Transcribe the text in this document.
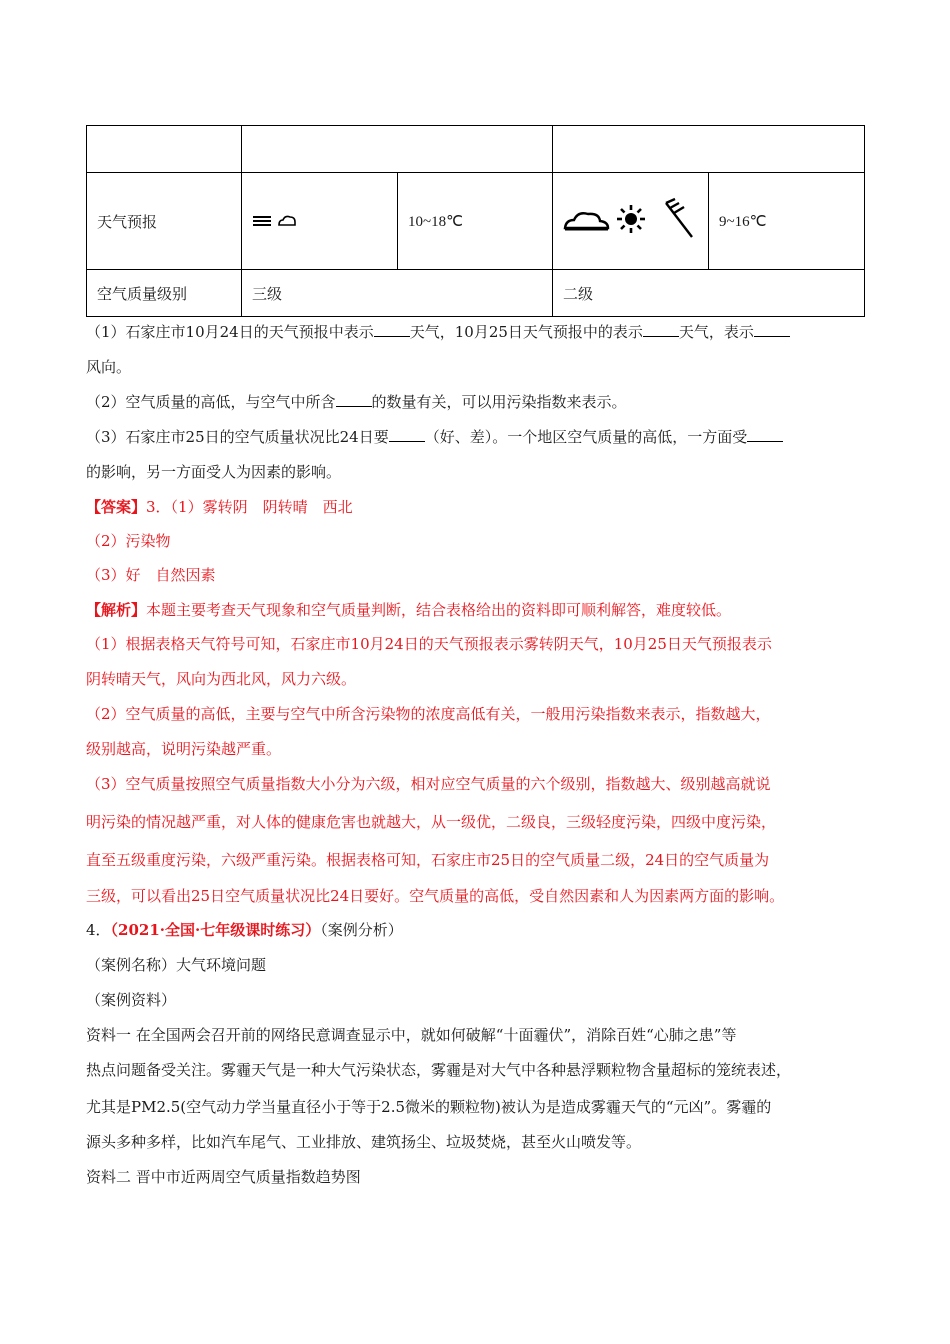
天气预报		10~18℃		9~16℃
空气质量级别	三级		二级	
（1）石家庄市10月24日的天气预报中表示 天气，10月25日天气预报中的表示 天气，表示
风向。
（2）空气质量的高低，与空气中所含 的数量有关，可以用污染指数来表示。
（3）石家庄市25日的空气质量状况比24日要 （好、差）。一个地区空气质量的高低，一方面受
的影响，另一方面受人为因素的影响。
【答案】3．（1）雾转阴　阴转晴　西北
（2）污染物
（3）好　自然因素
【解析】本题主要考查天气现象和空气质量判断，结合表格给出的资料即可顺利解答，难度较低。
（1）根据表格天气符号可知，石家庄市10月24日的天气预报表示雾转阴天气，10月25日天气预报表示
阴转晴天气，风向为西北风，风力六级。
（2）空气质量的高低，主要与空气中所含污染物的浓度高低有关，一般用污染指数来表示，指数越大，
级别越高，说明污染越严重。
（3）空气质量按照空气质量指数大小分为六级，相对应空气质量的六个级别，指数越大、级别越高就说
明污染的情况越严重，对人体的健康危害也就越大，从一级优，二级良，三级轻度污染，四级中度污染，
直至五级重度污染，六级严重污染。根据表格可知，石家庄市25日的空气质量二级，24日的空气质量为
三级，可以看出25日空气质量状况比24日要好。空气质量的高低，受自然因素和人为因素两方面的影响。
4．（2021·全国·七年级课时练习）（案例分析）
（案例名称）大气环境问题
（案例资料）
资料一 在全国两会召开前的网络民意调查显示中，就如何破解“十面霾伏”，消除百姓“心肺之患”等
热点问题备受关注。雾霾天气是一种大气污染状态，雾霾是对大气中各种悬浮颗粒物含量超标的笼统表述，
尤其是PM2.5(空气动力学当量直径小于等于2.5微米的颗粒物)被认为是造成雾霾天气的“元凶”。雾霾的
源头多种多样，比如汽车尾气、工业排放、建筑扬尘、垃圾焚烧，甚至火山喷发等。
资料二 晋中市近两周空气质量指数趋势图
